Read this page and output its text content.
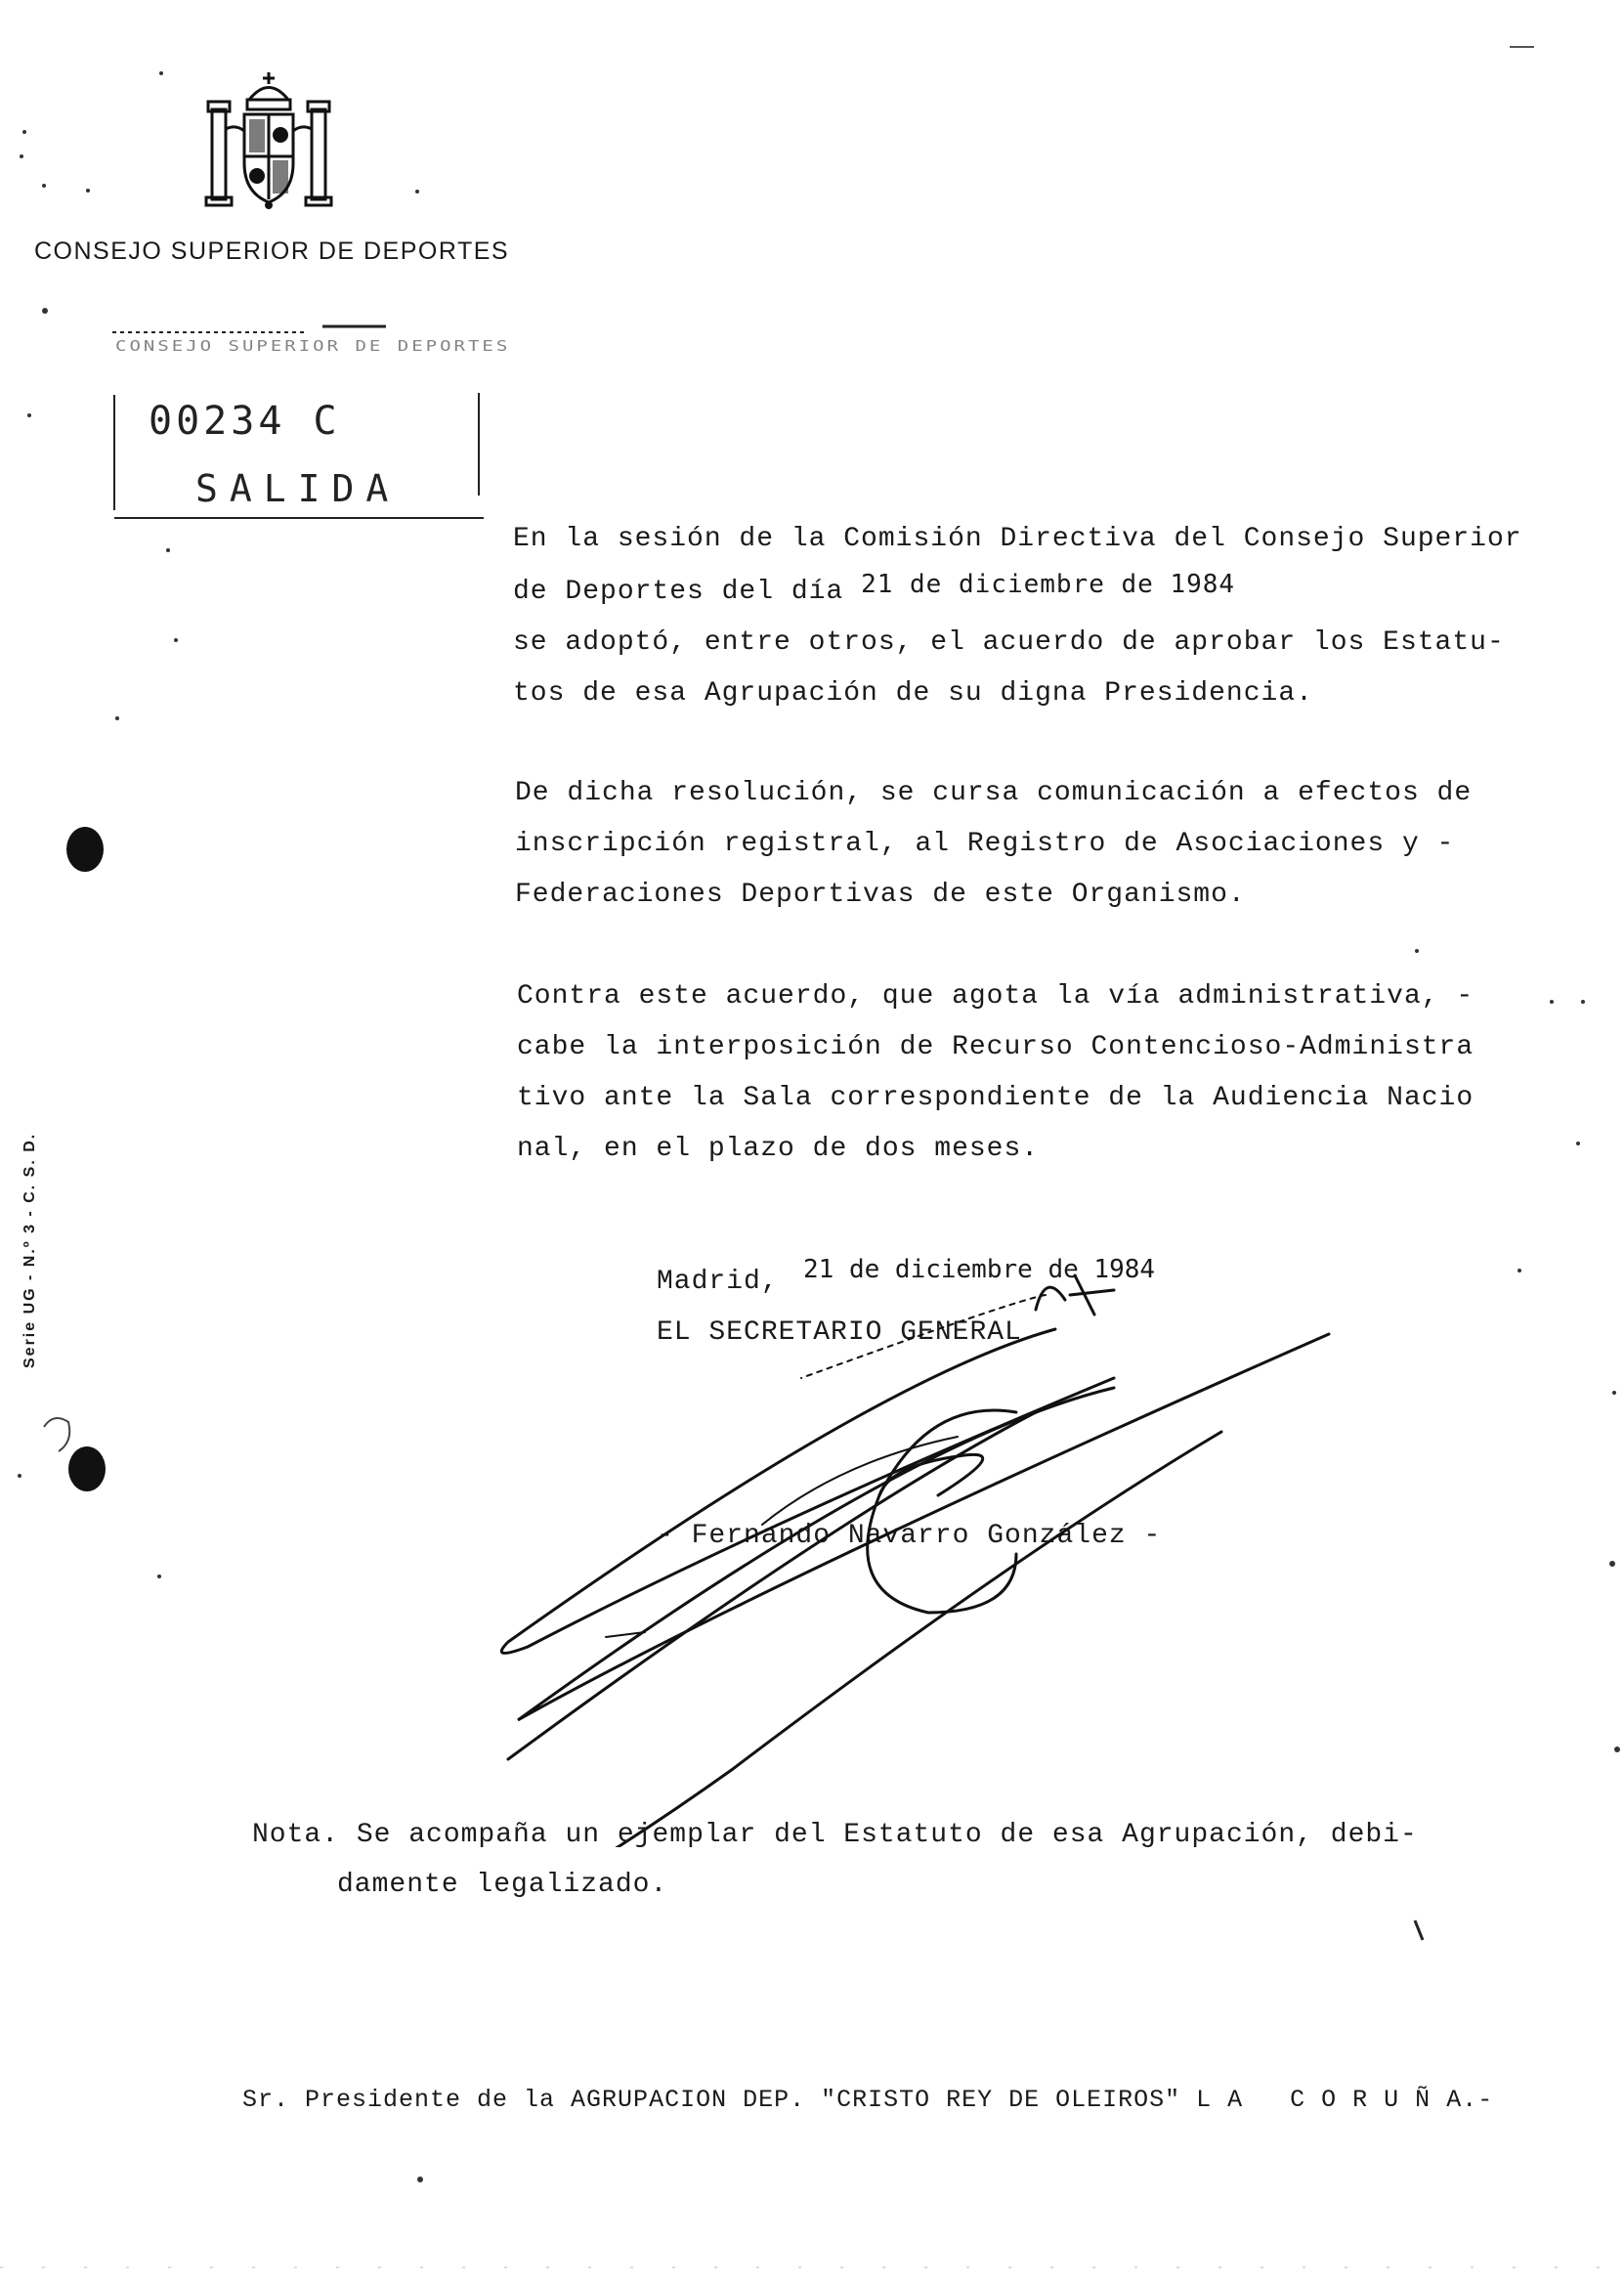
CONSEJO SUPERIOR DE DEPORTES
CONSEJO SUPERIOR DE DEPORTES
00234 C
SALIDA
Serie UG - N.º 3 - C. S. D.

En la sesión de la Comisión Directiva del Consejo Superior

de Deportes del día 21 de diciembre de 1984

se adoptó, entre otros, el acuerdo de aprobar los Estatu-

tos de esa Agrupación de su digna Presidencia.

De dicha resolución, se cursa comunicación a efectos de

inscripción registral, al Registro de Asociaciones y -

Federaciones Deportivas de este Organismo.

Contra este acuerdo, que agota la vía administrativa, -

cabe la interposición de Recurso Contencioso-Administra

tivo ante la Sala correspondiente de la Audiencia Nacio

nal, en el plazo de dos meses.

Madrid, 21 de diciembre de 1984
EL SECRETARIO GENERAL
- Fernando Navarro González -
Nota. Se acompaña un ejemplar del Estatuto de esa Agrupación, debi-
damente legalizado.
Sr. Presidente de la AGRUPACION DEP. "CRISTO REY DE OLEIROS" L A   C O R U Ñ A.-
